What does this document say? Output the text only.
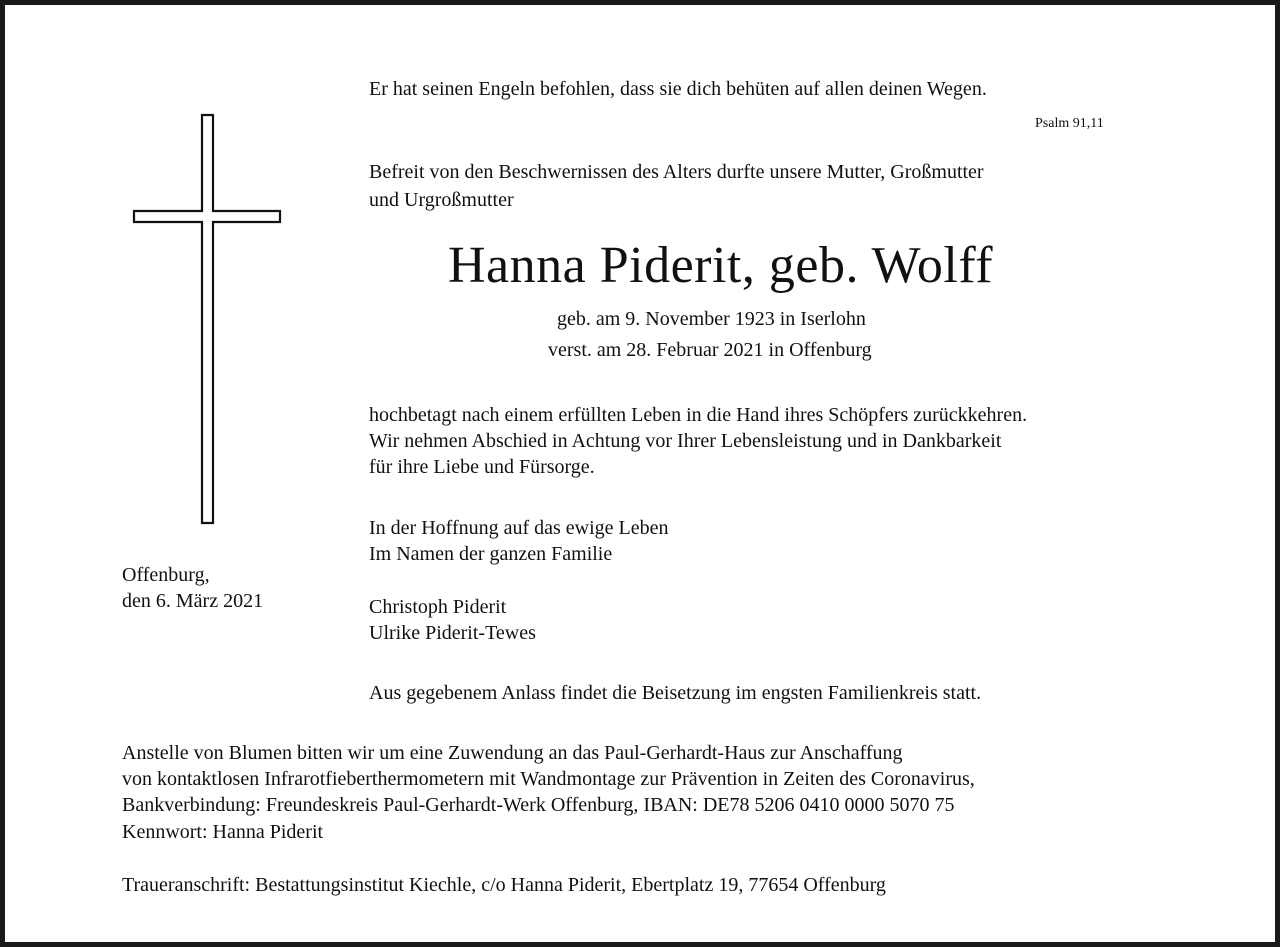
Er hat seinen Engeln befohlen, dass sie dich behüten auf allen deinen Wegen.

Psalm 91,11

Befreit von den Beschwernissen des Alters durfte unsere Mutter, Großmutter

und Urgroßmutter

Hanna Piderit, geb. Wolff

geb. am 9. November 1923 in Iserlohn

verst. am 28. Februar 2021 in Offenburg

hochbetagt nach einem erfüllten Leben in die Hand ihres Schöpfers zurückkehren.

Wir nehmen Abschied in Achtung vor Ihrer Lebensleistung und in Dankbarkeit

für ihre Liebe und Fürsorge.

In der Hoffnung auf das ewige Leben

Im Namen der ganzen Familie

Offenburg,

den 6. März 2021	Christoph Piderit

Ulrike Piderit-Tewes

Aus gegebenem Anlass findet die Beisetzung im engsten Familienkreis statt.

Anstelle von Blumen bitten wir um eine Zuwendung an das Paul-Gerhardt-Haus zur Anschaffung

von kontaktlosen Infrarotfieberthermometern mit Wandmontage zur Prävention in Zeiten des Coronavirus,

Bankverbindung: Freundeskreis Paul-Gerhardt-Werk Offenburg, IBAN: DE78 5206 0410 0000 5070 75

Kennwort: Hanna Piderit

Traueranschrift: Bestattungsinstitut Kiechle, c/o Hanna Piderit, Ebertplatz 19, 77654 Offenburg
